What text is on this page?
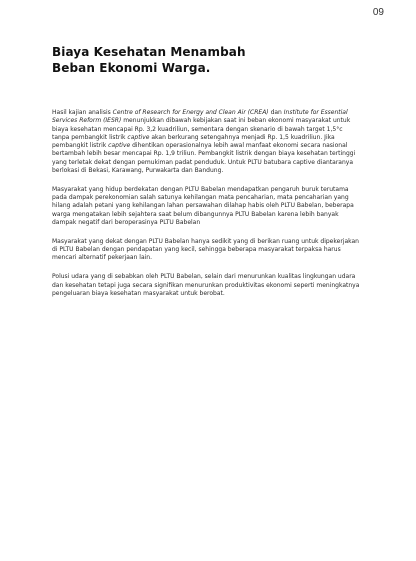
09
Biaya Kesehatan Menambah
Beban Ekonomi Warga.

Hasil kajian analisis Centre of Research for Energy and Clean Air (CREA) dan Institute for Essential Services Reform (IESR) menunjukkan dibawah kebijakan saat ini beban ekonomi masyarakat untuk biaya kesehatan mencapai Rp. 3,2 kuadriliun, sementara dengan skenario di bawah target 1,5°c tanpa pembangkit listrik captive akan berkurang setengahnya menjadi Rp. 1,5 kuadriliun. Jika pembangkit listrik captive dihentikan operasionalnya lebih awal manfaat ekonomi secara nasional bertambah lebih besar mencapai Rp. 1,9 triliun. Pembangkit listrik dengan biaya kesehatan tertinggi yang terletak dekat dengan pemukiman padat penduduk. Untuk PLTU batubara captive diantaranya berlokasi di Bekasi, Karawang, Purwakarta dan Bandung.

Masyarakat yang hidup berdekatan dengan PLTU Babelan mendapatkan pengaruh buruk terutama pada dampak perekonomian salah satunya kehilangan mata pencaharian, mata pencaharian yang hilang adalah petani yang kehilangan lahan persawahan dilahap habis oleh PLTU Babelan, beberapa warga mengatakan lebih sejahtera saat belum dibangunnya PLTU Babelan karena lebih banyak dampak negatif dari beroperasinya PLTU Babelan

Masyarakat yang dekat dengan PLTU Babelan hanya sedikit yang di berikan ruang untuk dipekerjakan di PLTU Babelan dengan pendapatan yang kecil, sehingga beberapa masyarakat terpaksa harus mencari alternatif pekerjaan lain.

Polusi udara yang di sebabkan oleh PLTU Babelan, selain dari menurunkan kualitas lingkungan udara dan kesehatan tetapi juga secara signifikan menurunkan produktivitas ekonomi seperti meningkatnya pengeluaran biaya kesehatan masyarakat untuk berobat.
